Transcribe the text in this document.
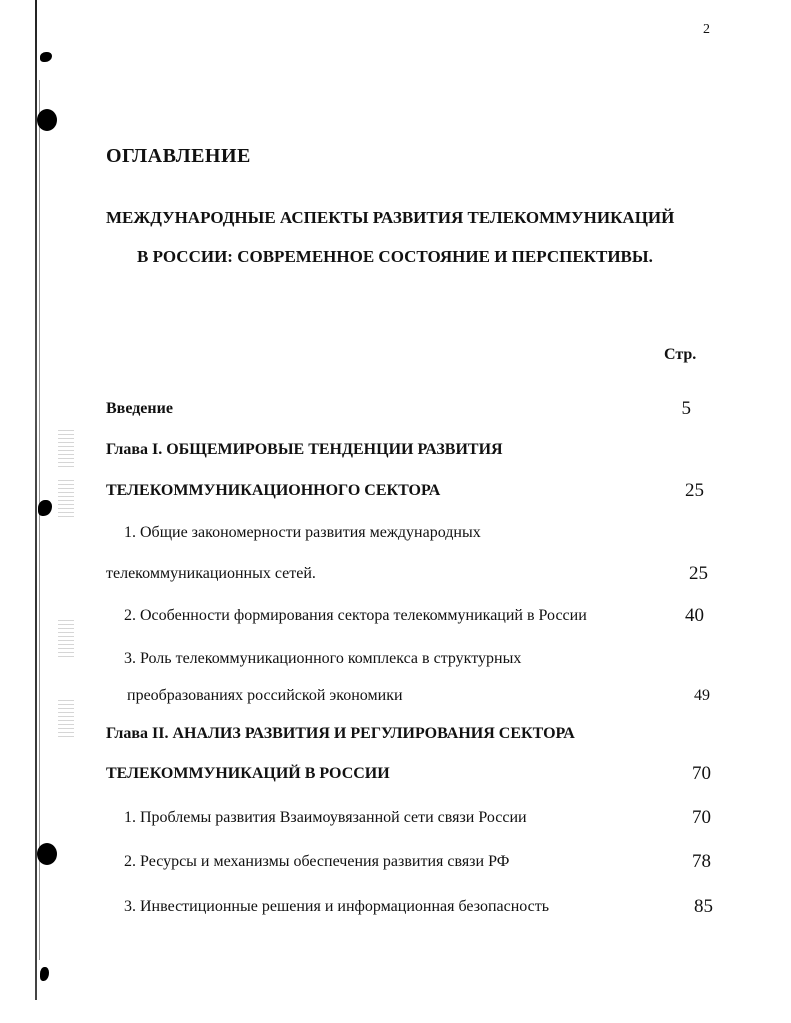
2
ОГЛАВЛЕНИЕ
МЕЖДУНАРОДНЫЕ АСПЕКТЫ РАЗВИТИЯ ТЕЛЕКОММУНИКАЦИЙ
В РОССИИ: СОВРЕМЕННОЕ СОСТОЯНИЕ И ПЕРСПЕКТИВЫ.
Стр.
Введение	5
Глава I. ОБЩЕМИРОВЫЕ ТЕНДЕНЦИИ РАЗВИТИЯ
ТЕЛЕКОММУНИКАЦИОННОГО СЕКТОРА	25
1. Общие закономерности развития международных
телекоммуникационных сетей.	25
2. Особенности формирования сектора телекоммуникаций в России	40
3. Роль телекоммуникационного комплекса в структурных
преобразованиях российской экономики	49
Глава II. АНАЛИЗ РАЗВИТИЯ И РЕГУЛИРОВАНИЯ СЕКТОРА
ТЕЛЕКОММУНИКАЦИЙ В РОССИИ	70
1. Проблемы развития Взаимоувязанной сети связи России	70
2. Ресурсы и механизмы обеспечения развития связи РФ	78
3. Инвестиционные решения и информационная безопасность	85
